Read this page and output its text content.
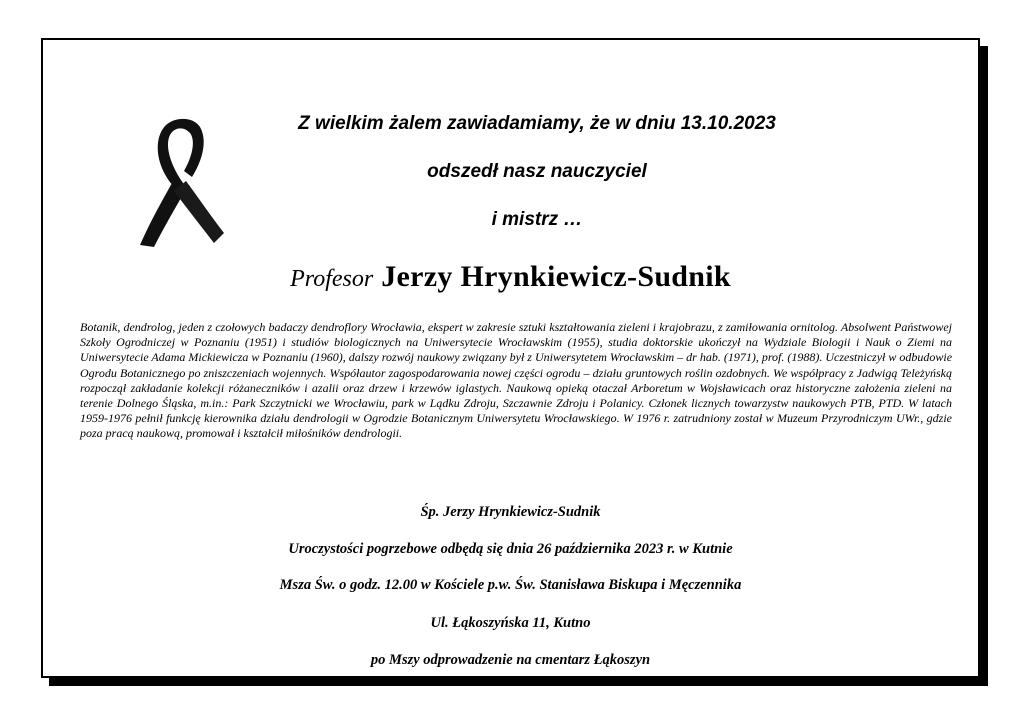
Z wielkim żalem zawiadamiamy, że w dniu 13.10.2023
odszedł nasz nauczyciel
i mistrz …
Profesor Jerzy Hrynkiewicz-Sudnik
Botanik, dendrolog, jeden z czołowych badaczy dendroflory Wrocławia, ekspert w zakresie sztuki kształtowania zieleni i krajobrazu, z zamiłowania ornitolog. Absolwent Państwowej Szkoły Ogrodniczej w Poznaniu (1951) i studiów biologicznych na Uniwersytecie Wrocławskim (1955), studia doktorskie ukończył na Wydziale Biologii i Nauk o Ziemi na Uniwersytecie Adama Mickiewicza w Poznaniu (1960), dalszy rozwój naukowy związany był z Uniwersytetem Wrocławskim – dr hab. (1971), prof. (1988). Uczestniczył w odbudowie Ogrodu Botanicznego po zniszczeniach wojennych. Współautor zagospodarowania nowej części ogrodu – działu gruntowych roślin ozdobnych. We współpracy z Jadwigą Teleżyńską rozpoczął zakładanie kolekcji różaneczników i azalii oraz drzew i krzewów iglastych. Naukową opieką otaczał Arboretum w Wojsławicach oraz historyczne założenia zieleni na terenie Dolnego Śląska, m.in.: Park Szczytnicki we Wrocławiu, park w Lądku Zdroju, Szczawnie Zdroju i Polanicy. Członek licznych towarzystw naukowych PTB, PTD. W latach 1959-1976 pełnił funkcję kierownika działu dendrologii w Ogrodzie Botanicznym Uniwersytetu Wrocławskiego. W 1976 r. zatrudniony został w Muzeum Przyrodniczym UWr., gdzie poza pracą naukową, promował i kształcił miłośników dendrologii.
Śp. Jerzy Hrynkiewicz-Sudnik
Uroczystości pogrzebowe odbędą się dnia 26 października 2023 r. w Kutnie
Msza Św. o godz. 12.00 w Kościele p.w. Św. Stanisława Biskupa i Męczennika
Ul. Łąkoszyńska 11, Kutno
po Mszy odprowadzenie na cmentarz Łąkoszyn
